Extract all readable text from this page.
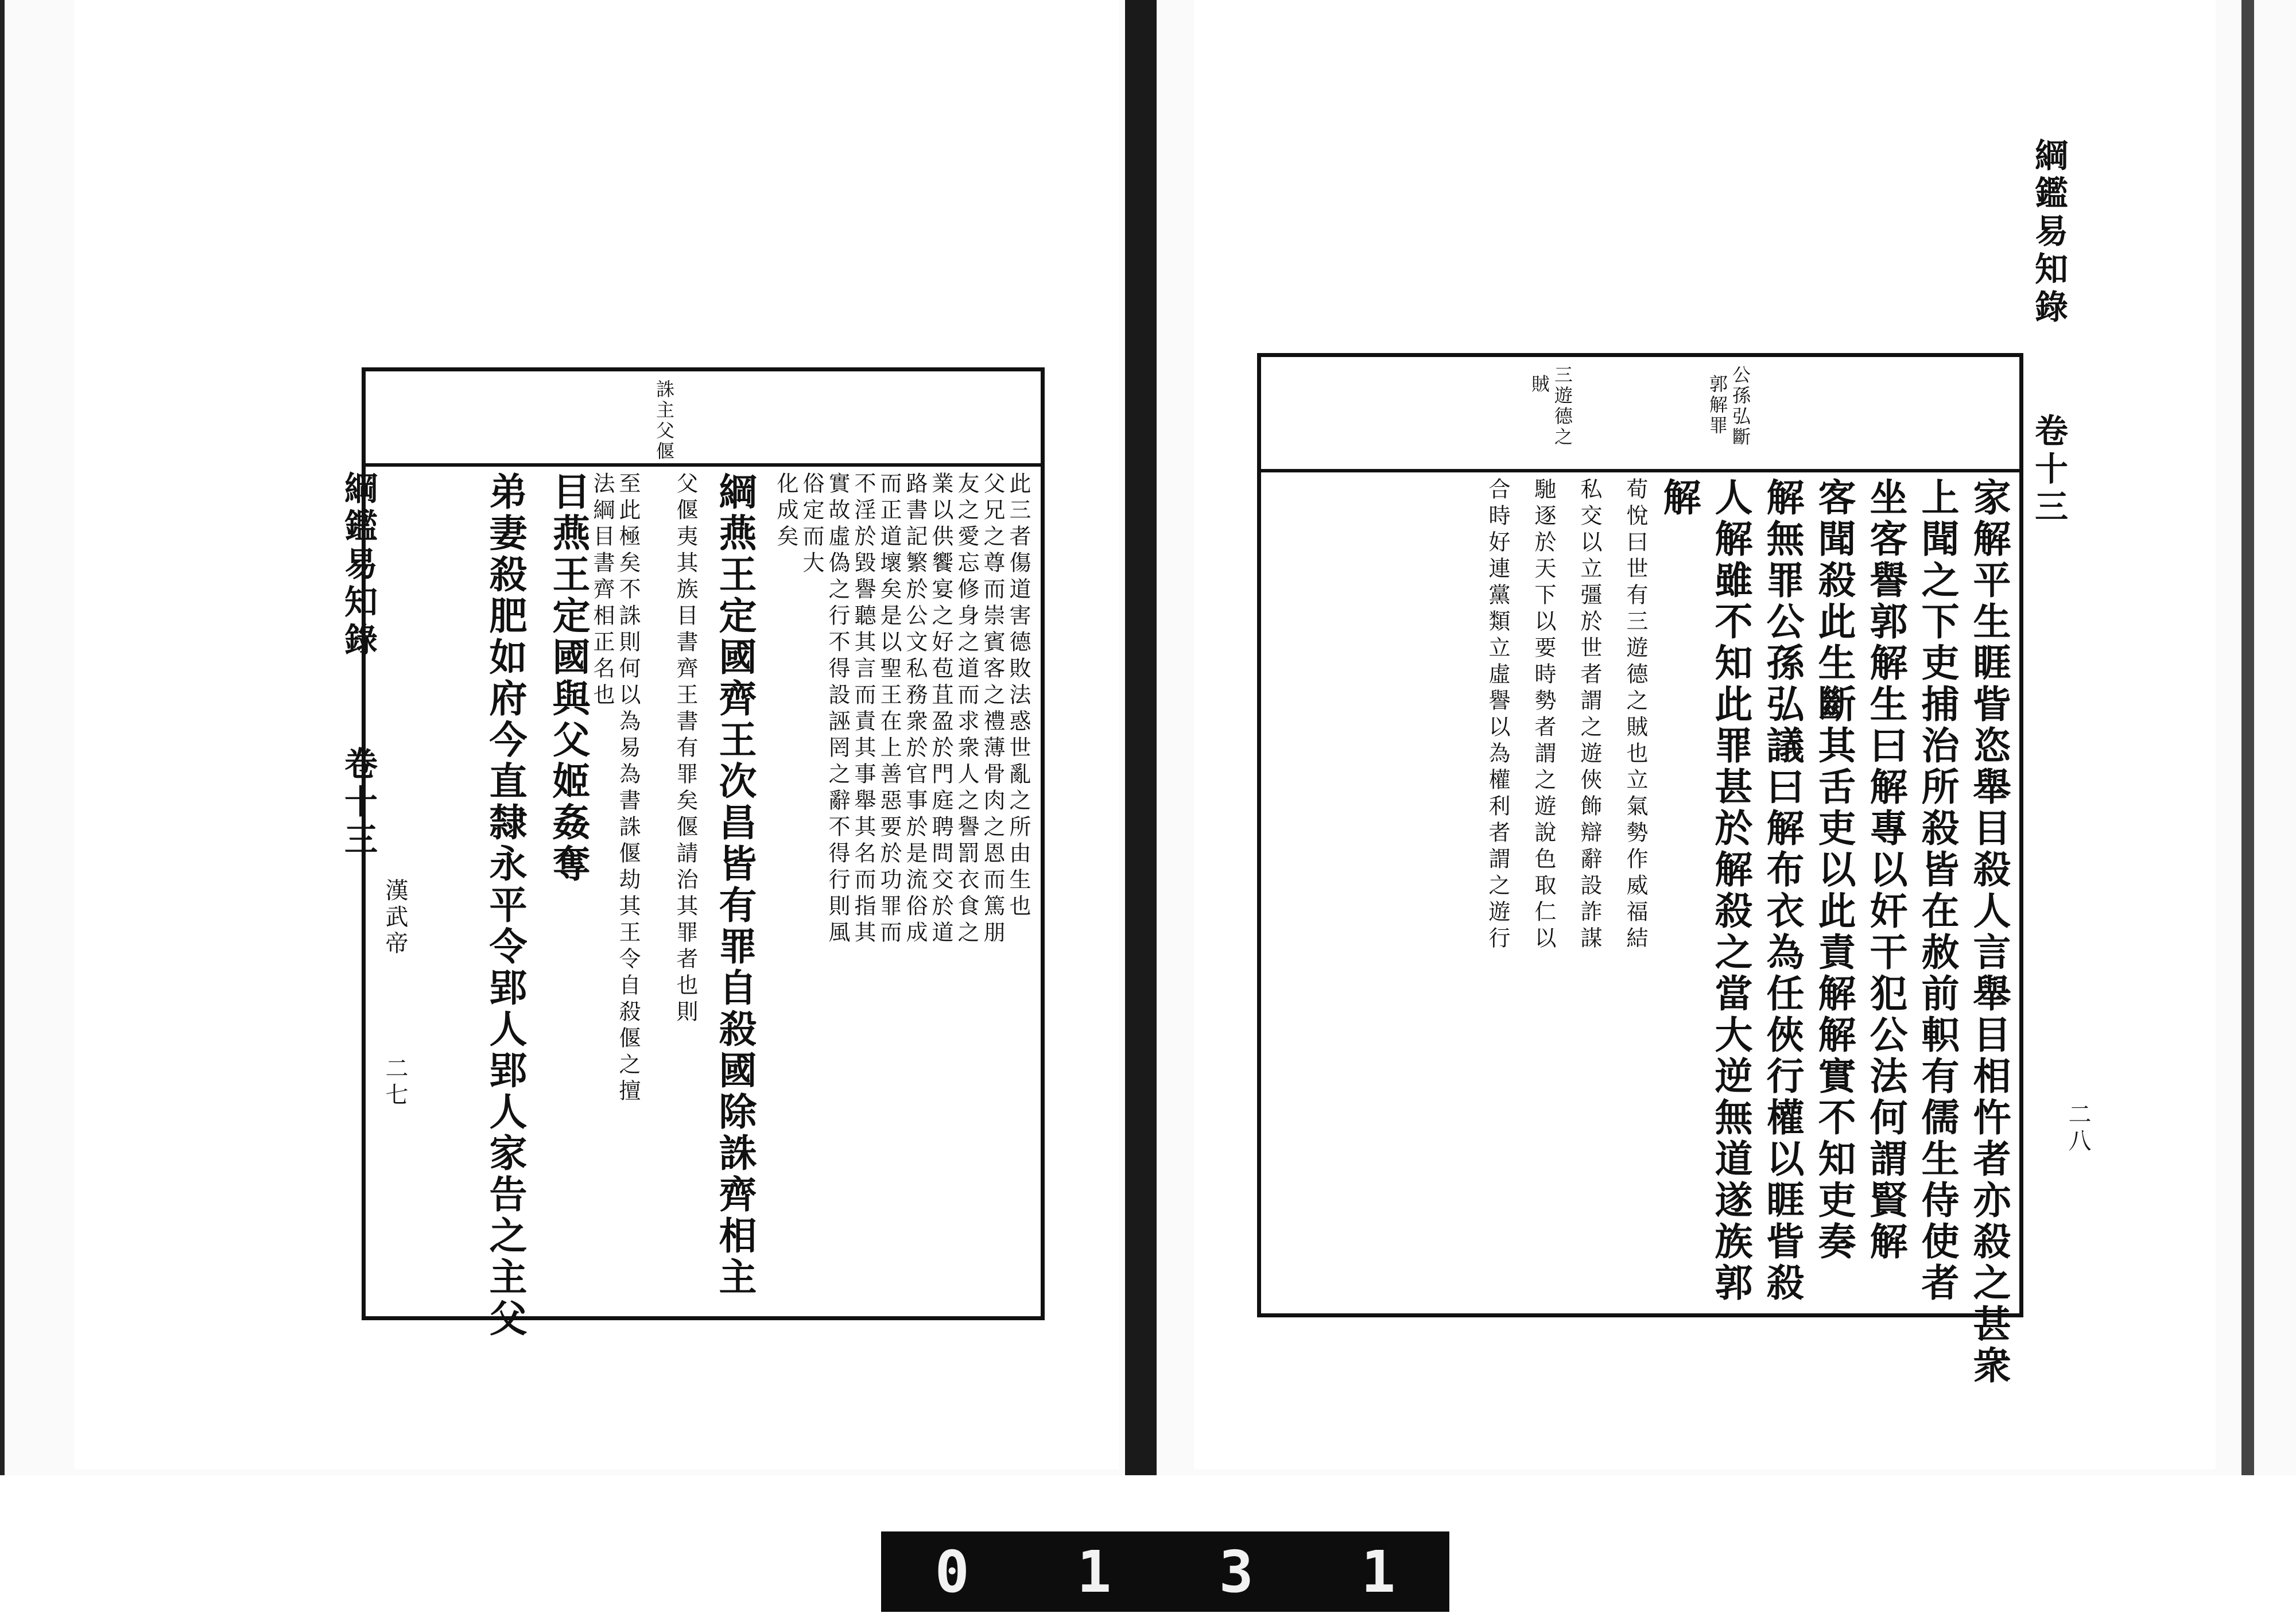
誅主父偃
此三者傷道害德敗法惑世亂之所由生也
父兄之尊而崇賓客之禮薄骨肉之恩而篤朋
友之愛忘修身之道而求衆人之譽罰衣食之
業以供饗宴之好苞苴盈於門庭聘問交於道
路書記繁於公文私務衆於官事於是流俗成
而正道壞矣是以聖王在上善惡要於功罪而
不淫於毀譽聽其言而責其事舉其名而指其
實故虛偽之行不得設誣罔之辭不得行則風
俗定而大
化成矣
綱燕王定國齊王次昌皆有罪自殺國除誅齊相主
父偃夷其族目書齊王書有罪矣偃請治其罪者也則
至此極矣不誅則何以為易為書誅偃劫其王令自殺偃之擅
法綱目書齊相正名也
目燕王定國與父姬姦奪
弟妻殺肥如府今直隸永平令郢人郢人家告之主父
綱鑑易知錄
卷十三
漢武帝
二七
公孫弘斷
郭解罪
三遊德之
賊
家解平生睚眥恣舉目殺人言舉目相忤者亦殺之甚衆
上聞之下吏捕治所殺皆在赦前軹有儒生侍使者
坐客譽郭解生曰解專以奸干犯公法何謂賢解
客聞殺此生斷其舌吏以此責解解實不知吏奏
解無罪公孫弘議曰解布衣為任俠行權以睚眥殺
人解雖不知此罪甚於解殺之當大逆無道遂族郭
解
荀悅曰世有三遊德之賊也立氣勢作威福結
私交以立彊於世者謂之遊俠飾辯辭設詐謀
馳逐於天下以要時勢者謂之遊說色取仁以
合時好連黨類立虛譽以為權利者謂之遊行
綱鑑易知錄
卷十三
二八
0 1 3 1
